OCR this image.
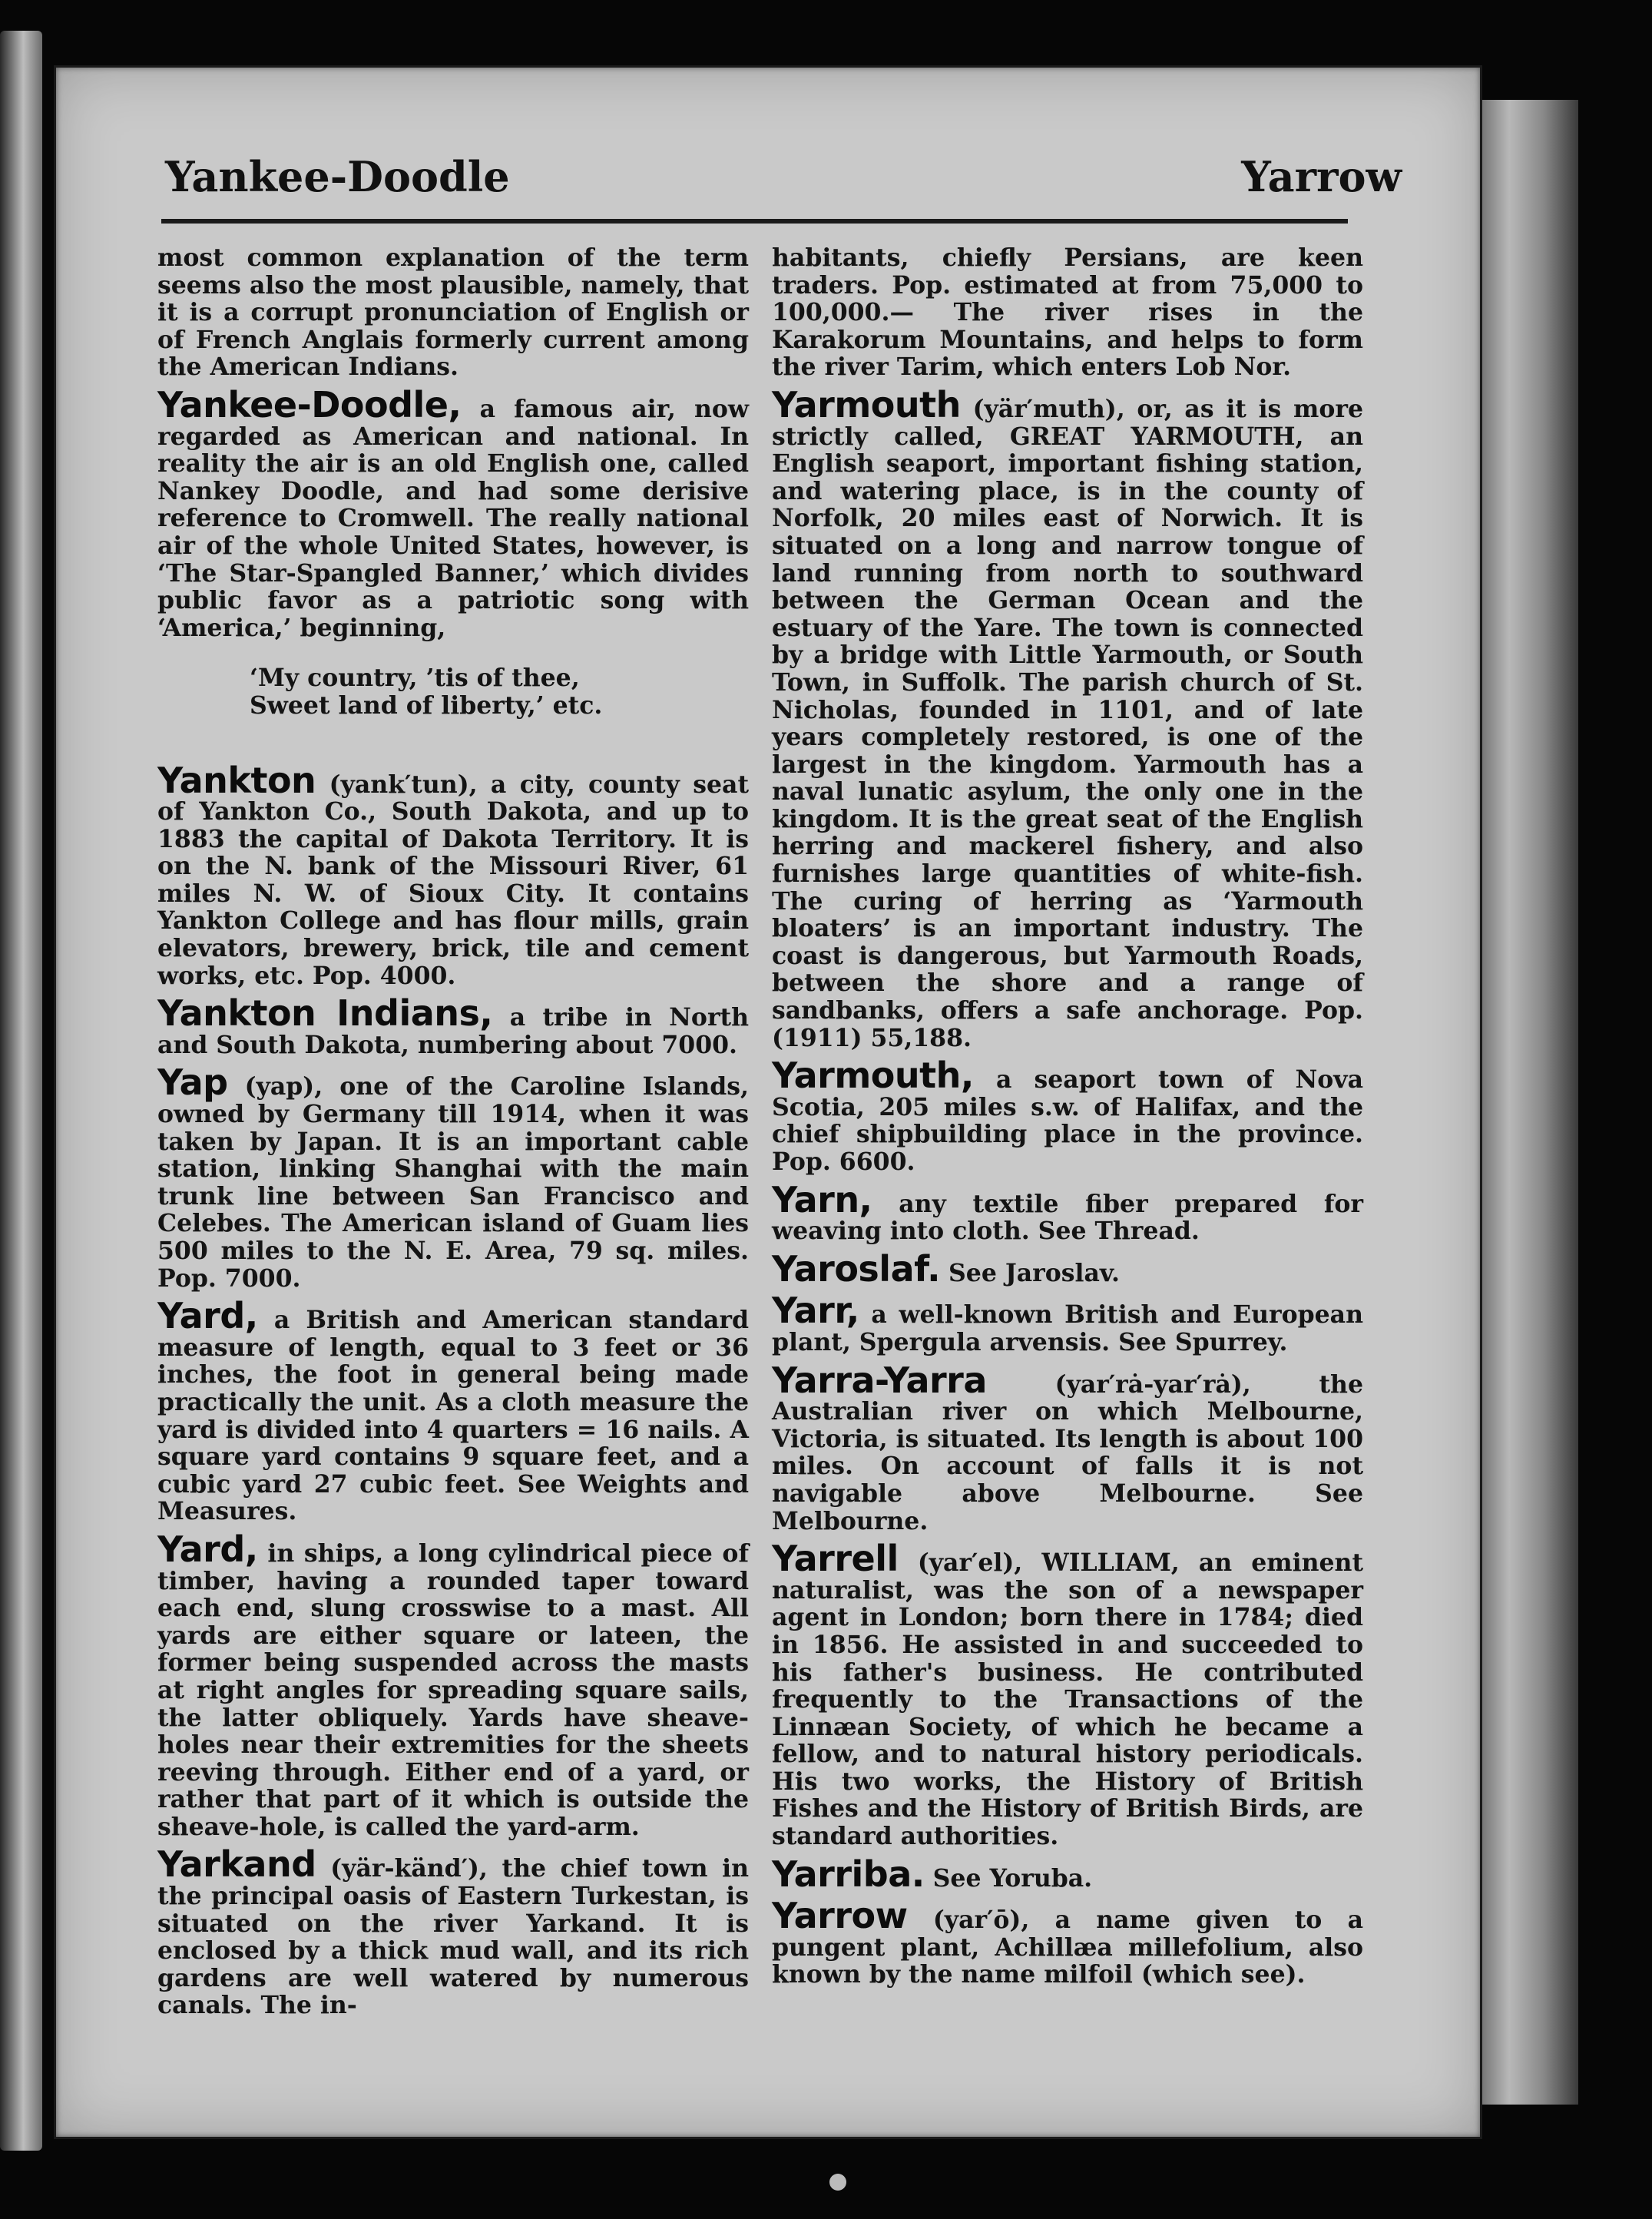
Yankee-Doodle	Yarrow

most common explanation of the term seems also the most plausible, namely, that it is a corrupt pronunciation of English or of French Anglais formerly current among the American Indians.

Yankee-Doodle, a famous air, now regarded as American and national. In reality the air is an old English one, called Nankey Doodle, and had some derisive reference to Cromwell. The really national air of the whole United States, however, is ‘The Star-Spangled Banner,’ which divides public favor as a patriotic song with ‘America,’ beginning,

‘My country, ’tis of thee,
Sweet land of liberty,’ etc.

Yankton (yank′tun), a city, county seat of Yankton Co., South Dakota, and up to 1883 the capital of Dakota Territory. It is on the N. bank of the Missouri River, 61 miles N. W. of Sioux City. It contains Yankton College and has flour mills, grain elevators, brewery, brick, tile and cement works, etc. Pop. 4000.

Yankton Indians, a tribe in North and South Dakota, numbering about 7000.

Yap (yap), one of the Caroline Islands, owned by Germany till 1914, when it was taken by Japan. It is an important cable station, linking Shanghai with the main trunk line between San Francisco and Celebes. The American island of Guam lies 500 miles to the N. E. Area, 79 sq. miles. Pop. 7000.

Yard, a British and American standard measure of length, equal to 3 feet or 36 inches, the foot in general being made practically the unit. As a cloth measure the yard is divided into 4 quarters = 16 nails. A square yard contains 9 square feet, and a cubic yard 27 cubic feet. See Weights and Measures.

Yard, in ships, a long cylindrical piece of timber, having a rounded taper toward each end, slung crosswise to a mast. All yards are either square or lateen, the former being suspended across the masts at right angles for spreading square sails, the latter obliquely. Yards have sheave-holes near their extremities for the sheets reeving through. Either end of a yard, or rather that part of it which is outside the sheave-hole, is called the yard-arm.

Yarkand (yär-känd′), the chief town in the principal oasis of Eastern Turkestan, is situated on the river Yarkand. It is enclosed by a thick mud wall, and its rich gardens are well watered by numerous canals. The in-

habitants, chiefly Persians, are keen traders. Pop. estimated at from 75,000 to 100,000.— The river rises in the Karakorum Mountains, and helps to form the river Tarim, which enters Lob Nor.

Yarmouth (yär′muth), or, as it is more strictly called, GREAT YARMOUTH, an English seaport, important fishing station, and watering place, is in the county of Norfolk, 20 miles east of Norwich. It is situated on a long and narrow tongue of land running from north to southward between the German Ocean and the estuary of the Yare. The town is connected by a bridge with Little Yarmouth, or South Town, in Suffolk. The parish church of St. Nicholas, founded in 1101, and of late years completely restored, is one of the largest in the kingdom. Yarmouth has a naval lunatic asylum, the only one in the kingdom. It is the great seat of the English herring and mackerel fishery, and also furnishes large quantities of white-fish. The curing of herring as ‘Yarmouth bloaters’ is an important industry. The coast is dangerous, but Yarmouth Roads, between the shore and a range of sandbanks, offers a safe anchorage. Pop. (1911) 55,188.

Yarmouth, a seaport town of Nova Scotia, 205 miles s.w. of Halifax, and the chief shipbuilding place in the province. Pop. 6600.

Yarn, any textile fiber prepared for weaving into cloth. See Thread.

Yaroslaf. See Jaroslav.

Yarr, a well-known British and European plant, Spergula arvensis. See Spurrey.

Yarra-Yarra (yar′rȧ-yar′rȧ), the Australian river on which Melbourne, Victoria, is situated. Its length is about 100 miles. On account of falls it is not navigable above Melbourne. See Melbourne.

Yarrell (yar′el), WILLIAM, an eminent naturalist, was the son of a newspaper agent in London; born there in 1784; died in 1856. He assisted in and succeeded to his father's business. He contributed frequently to the Transactions of the Linnæan Society, of which he became a fellow, and to natural history periodicals. His two works, the History of British Fishes and the History of British Birds, are standard authorities.

Yarriba. See Yoruba.

Yarrow (yar′ō), a name given to a pungent plant, Achillæa millefolium, also known by the name milfoil (which see).
